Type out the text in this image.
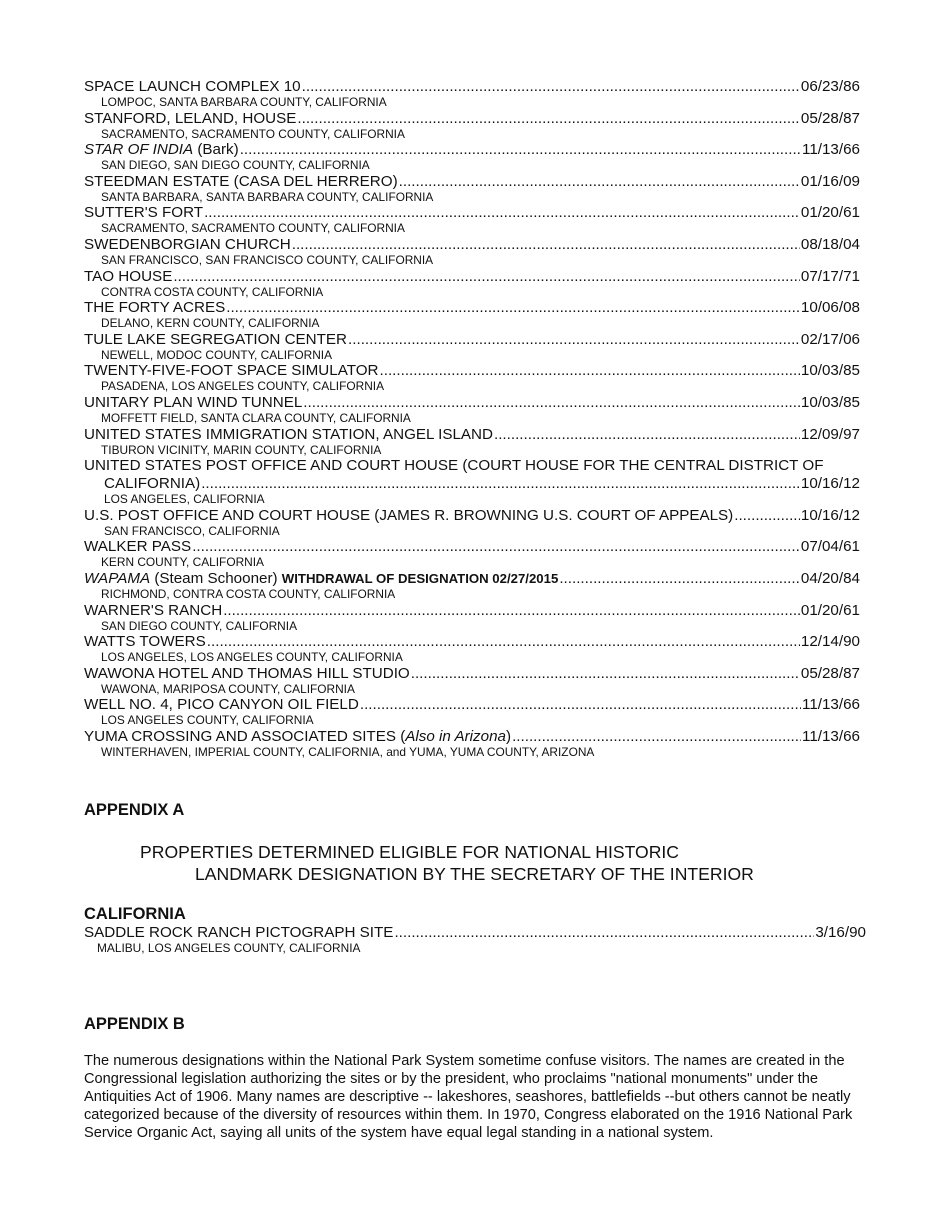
SPACE LAUNCH COMPLEX 10 .....	06/23/86
LOMPOC, SANTA BARBARA COUNTY, CALIFORNIA
STANFORD, LELAND, HOUSE .....	05/28/87
SACRAMENTO, SACRAMENTO COUNTY, CALIFORNIA
STAR OF INDIA (Bark) .....	11/13/66
SAN DIEGO, SAN DIEGO COUNTY, CALIFORNIA
STEEDMAN ESTATE (CASA DEL HERRERO) .....	01/16/09
SANTA BARBARA, SANTA BARBARA COUNTY, CALIFORNIA
SUTTER'S FORT .....	01/20/61
SACRAMENTO, SACRAMENTO COUNTY, CALIFORNIA
SWEDENBORGIAN CHURCH .....	08/18/04
SAN FRANCISCO, SAN FRANCISCO COUNTY, CALIFORNIA
TAO HOUSE .....	07/17/71
CONTRA COSTA COUNTY, CALIFORNIA
THE FORTY ACRES .....	10/06/08
DELANO, KERN COUNTY, CALIFORNIA
TULE LAKE SEGREGATION CENTER .....	02/17/06
NEWELL, MODOC COUNTY, CALIFORNIA
TWENTY-FIVE-FOOT SPACE SIMULATOR .....	10/03/85
PASADENA, LOS ANGELES COUNTY, CALIFORNIA
UNITARY PLAN WIND TUNNEL .....	10/03/85
MOFFETT FIELD, SANTA CLARA COUNTY, CALIFORNIA
UNITED STATES IMMIGRATION STATION, ANGEL ISLAND .....	12/09/97
TIBURON VICINITY, MARIN COUNTY, CALIFORNIA
UNITED STATES POST OFFICE AND COURT HOUSE (COURT HOUSE FOR THE CENTRAL DISTRICT OF
CALIFORNIA) .....	10/16/12
LOS ANGELES, CALIFORNIA
U.S. POST OFFICE AND COURT HOUSE (JAMES R. BROWNING U.S. COURT OF APPEALS) .....	10/16/12
SAN FRANCISCO, CALIFORNIA
WALKER PASS .....	07/04/61
KERN COUNTY, CALIFORNIA
WAPAMA (Steam Schooner) WITHDRAWAL OF DESIGNATION 02/27/2015 .....	04/20/84
RICHMOND, CONTRA COSTA COUNTY, CALIFORNIA
WARNER'S RANCH .....	01/20/61
SAN DIEGO COUNTY, CALIFORNIA
WATTS TOWERS .....	12/14/90
LOS ANGELES, LOS ANGELES COUNTY, CALIFORNIA
WAWONA HOTEL AND THOMAS HILL STUDIO .....	05/28/87
WAWONA, MARIPOSA COUNTY, CALIFORNIA
WELL NO. 4, PICO CANYON OIL FIELD .....	11/13/66
LOS ANGELES COUNTY, CALIFORNIA
YUMA CROSSING AND ASSOCIATED SITES (Also in Arizona) .....	11/13/66
WINTERHAVEN, IMPERIAL COUNTY, CALIFORNIA, and YUMA, YUMA COUNTY, ARIZONA
APPENDIX A
PROPERTIES DETERMINED ELIGIBLE FOR NATIONAL HISTORIC
LANDMARK DESIGNATION BY THE SECRETARY OF THE INTERIOR
CALIFORNIA
SADDLE ROCK RANCH PICTOGRAPH SITE .....	3/16/90
MALIBU, LOS ANGELES COUNTY, CALIFORNIA
APPENDIX B

The numerous designations within the National Park System sometime confuse visitors. The names are created in the Congressional legislation authorizing the sites or by the president, who proclaims "national monuments" under the Antiquities Act of 1906. Many names are descriptive -- lakeshores, seashores, battlefields --but others cannot be neatly categorized because of the diversity of resources within them. In 1970, Congress elaborated on the 1916 National Park Service Organic Act, saying all units of the system have equal legal standing in a national system.
